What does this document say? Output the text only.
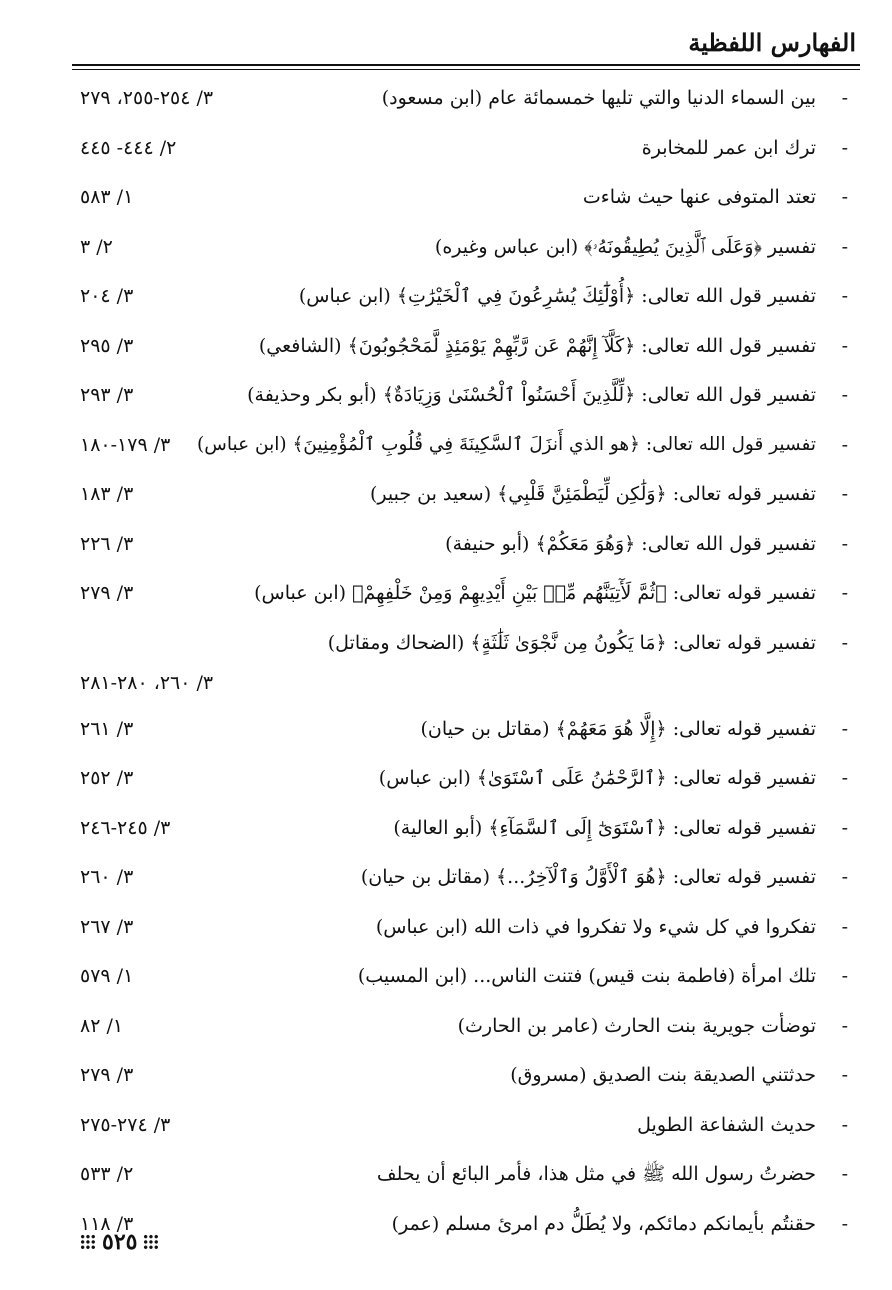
الفهارس اللفظية
-
بين السماء الدنيا والتي تليها خمسمائة عام (ابن مسعود)
٣/ ٢٥٤-٢٥٥، ٢٧٩
-
ترك ابن عمر للمخابرة
٢/ ٤٤٤- ٤٤٥
-
تعتد المتوفى عنها حيث شاءت
١/ ٥٨٣
-
تفسير ﴿وَعَلَى ٱلَّذِينَ يُطِيقُونَهُۥ﴾ (ابن عباس وغيره)
٢/ ٣
-
تفسير قول الله تعالى: ﴿أُوْلَٰٓئِكَ يُسَٰرِعُونَ فِي ٱلْخَيْرَٰتِ﴾ (ابن عباس)
٣/ ٢٠٤
-
تفسير قول الله تعالى: ﴿كَلَّآ إِنَّهُمْ عَن رَّبِّهِمْ يَوْمَئِذٍ لَّمَحْجُوبُونَ﴾ (الشافعي)
٣/ ٢٩٥
-
تفسير قول الله تعالى: ﴿لِّلَّذِينَ أَحْسَنُواْ ٱلْحُسْنَىٰ وَزِيَادَةٌ﴾ (أبو بكر وحذيفة)
٣/ ٢٩٣
-
تفسير قول الله تعالى: ﴿هو الذي أَنزَلَ ٱلسَّكِينَةَ فِي قُلُوبِ ٱلْمُؤْمِنِينَ﴾ (ابن عباس)
٣/ ١٧٩-١٨٠
-
تفسير قوله تعالى: ﴿وَلَٰكِن لِّيَطْمَئِنَّ قَلْبِي﴾ (سعيد بن جبير)
٣/ ١٨٣
-
تفسير قول الله تعالى: ﴿وَهُوَ مَعَكُمْ﴾ (أبو حنيفة)
٣/ ٢٢٦
-
تفسير قوله تعالى: ﴿ثُمَّ لَأٓتِيَنَّهُم مِّنۢ بَيْنِ أَيْدِيهِمْ وَمِنْ خَلْفِهِمْ﴾ (ابن عباس)
٣/ ٢٧٩
-
تفسير قوله تعالى: ﴿مَا يَكُونُ مِن نَّجْوَىٰ ثَلَٰثَةٍ﴾ (الضحاك ومقاتل)
٣/ ٢٦٠، ٢٨٠-٢٨١
-
تفسير قوله تعالى: ﴿إِلَّا هُوَ مَعَهُمْ﴾ (مقاتل بن حيان)
٣/ ٢٦١
-
تفسير قوله تعالى: ﴿ٱلرَّحْمَٰنُ عَلَى ٱسْتَوَىٰ﴾ (ابن عباس)
٣/ ٢٥٢
-
تفسير قوله تعالى: ﴿ٱسْتَوَىٰٓ إِلَى ٱلسَّمَآءِ﴾ (أبو العالية)
٣/ ٢٤٥-٢٤٦
-
تفسير قوله تعالى: ﴿هُوَ ٱلْأَوَّلُ وَٱلْآخِرُ...﴾ (مقاتل بن حيان)
٣/ ٢٦٠
-
تفكروا في كل شيء ولا تفكروا في ذات الله (ابن عباس)
٣/ ٢٦٧
-
تلك امرأة (فاطمة بنت قيس) فتنت الناس... (ابن المسيب)
١/ ٥٧٩
-
توضأت جويرية بنت الحارث (عامر بن الحارث)
١/ ٨٢
-
حدثتني الصديقة بنت الصديق (مسروق)
٣/ ٢٧٩
-
حديث الشفاعة الطويل
٣/ ٢٧٤-٢٧٥
-
حضرتُ رسول الله ﷺ في مثل هذا، فأمر البائع أن يحلف
٢/ ٥٣٣
-
حقنتُم بأيمانكم دمائكم، ولا يُطَلُّ دم امرئ مسلم (عمر)
٣/ ١١٨
٥٢٥
